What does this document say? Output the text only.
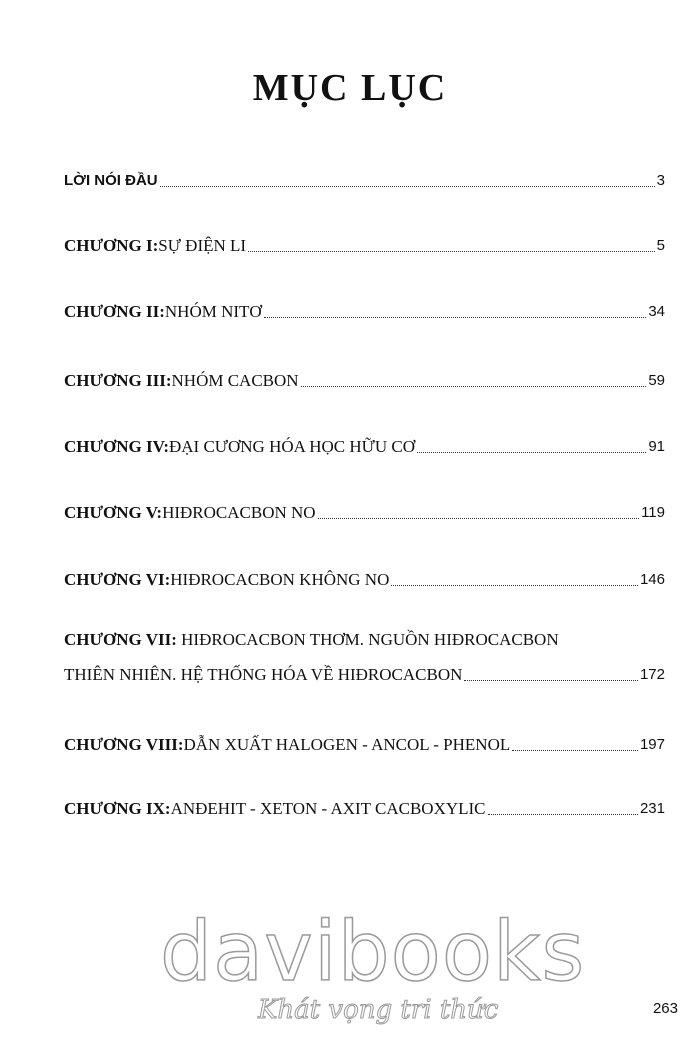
MỤC LỤC
LỜI NÓI ĐẦU	3
CHƯƠNG I: SỰ ĐIỆN LI	5
CHƯƠNG II: NHÓM NITƠ	34
CHƯƠNG III: NHÓM CACBON	59
CHƯƠNG IV: ĐẠI CƯƠNG HÓA HỌC HỮU CƠ	91
CHƯƠNG V: HIĐROCACBON NO	119
CHƯƠNG VI: HIĐROCACBON KHÔNG NO	146
CHƯƠNG VII: HIĐROCACBON THƠM. NGUỒN HIĐROCACBON
THIÊN NHIÊN. HỆ THỐNG HÓA VỀ HIĐROCACBON	172
CHƯƠNG VIII: DẪN XUẤT HALOGEN - ANCOL - PHENOL	197
CHƯƠNG IX: ANĐEHIT - XETON - AXIT CACBOXYLIC	231
davibooks
Khát vọng tri thức	263
